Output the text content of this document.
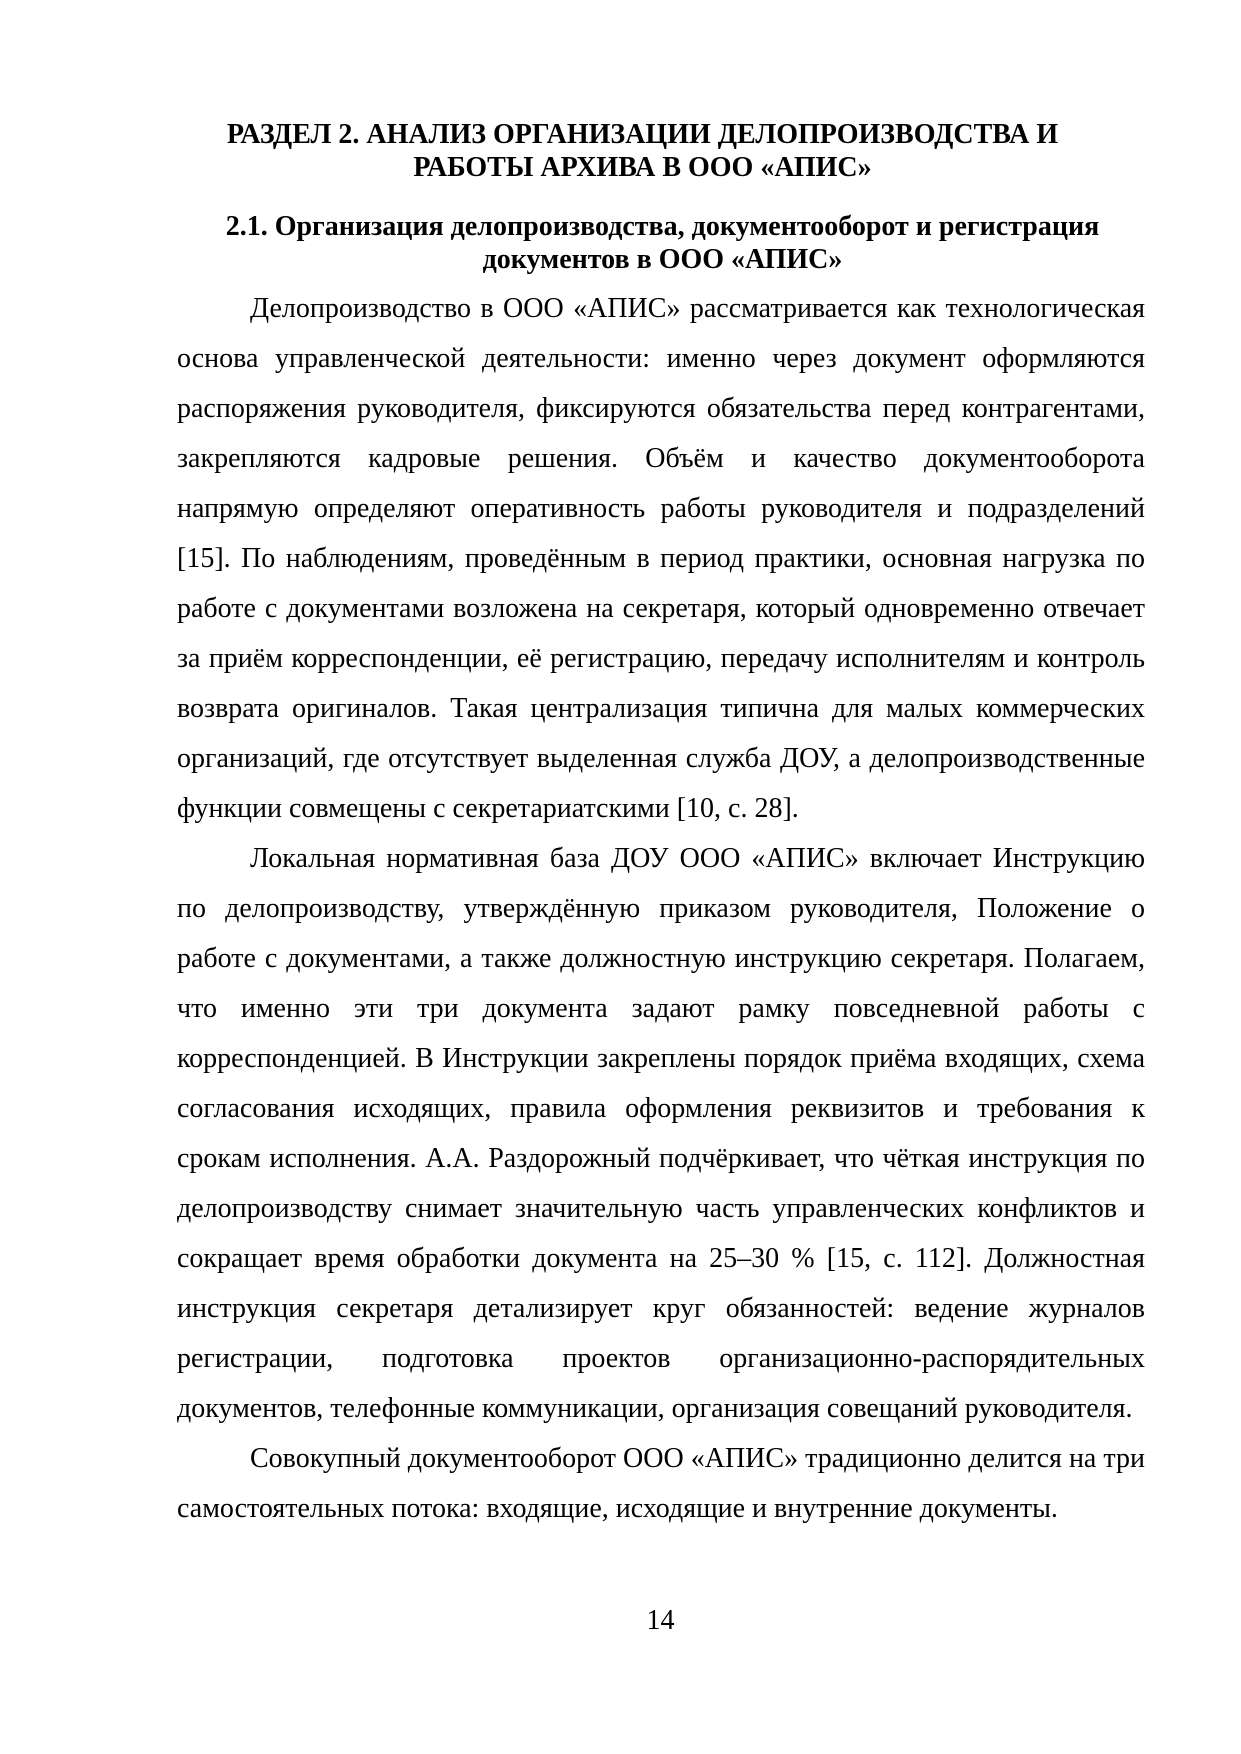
РАЗДЕЛ 2. АНАЛИЗ ОРГАНИЗАЦИИ ДЕЛОПРОИЗВОДСТВА И
РАБОТЫ АРХИВА В ООО «АПИС»
2.1. Организация делопроизводства, документооборот и регистрация
документов в ООО «АПИС»

Делопроизводство в ООО «АПИС» рассматривается как технологическая основа управленческой деятельности: именно через документ оформляются распоряжения руководителя, фиксируются обязательства перед контрагентами, закрепляются кадровые решения. Объём и качество документооборота напрямую определяют оперативность работы руководителя и подразделений [15]. По наблюдениям, проведённым в период практики, основная нагрузка по работе с документами возложена на секретаря, который одновременно отвечает за приём корреспонденции, её регистрацию, передачу исполнителям и контроль возврата оригиналов. Такая централизация типична для малых коммерческих организаций, где отсутствует выделенная служба ДОУ, а делопроизводственные функции совмещены с секретариатскими [10, с. 28].

Локальная нормативная база ДОУ ООО «АПИС» включает Инструкцию по делопроизводству, утверждённую приказом руководителя, Положение о работе с документами, а также должностную инструкцию секретаря. Полагаем, что именно эти три документа задают рамку повседневной работы с корреспонденцией. В Инструкции закреплены порядок приёма входящих, схема согласования исходящих, правила оформления реквизитов и требования к срокам исполнения. А.А. Раздорожный подчёркивает, что чёткая инструкция по делопроизводству снимает значительную часть управленческих конфликтов и сокращает время обработки документа на 25–30 % [15, с. 112]. Должностная инструкция секретаря детализирует круг обязанностей: ведение журналов регистрации, подготовка проектов организационно-распорядительных документов, телефонные коммуникации, организация совещаний руководителя.

Совокупный документооборот ООО «АПИС» традиционно делится на три самостоятельных потока: входящие, исходящие и внутренние документы.

14
